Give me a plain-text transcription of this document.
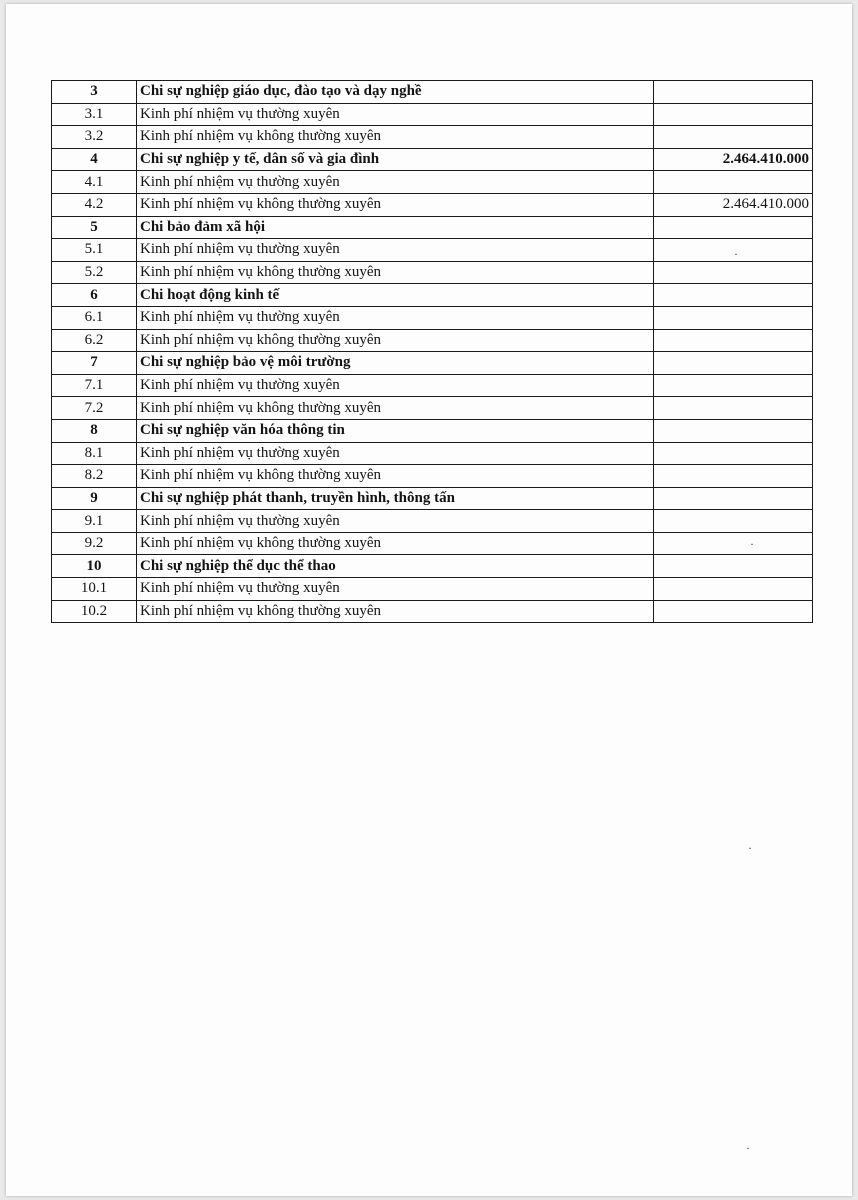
3	Chi sự nghiệp giáo dục, đào tạo và dạy nghề	
3.1	Kinh phí nhiệm vụ thường xuyên	
3.2	Kinh phí nhiệm vụ không thường xuyên	
4	Chi sự nghiệp y tế, dân số và gia đình	2.464.410.000
4.1	Kinh phí nhiệm vụ thường xuyên	
4.2	Kinh phí nhiệm vụ không thường xuyên	2.464.410.000
5	Chi bảo đảm xã hội	
5.1	Kinh phí nhiệm vụ thường xuyên	
5.2	Kinh phí nhiệm vụ không thường xuyên	
6	Chi hoạt động kinh tế	
6.1	Kinh phí nhiệm vụ thường xuyên	
6.2	Kinh phí nhiệm vụ không thường xuyên	
7	Chi sự nghiệp bảo vệ môi trường	
7.1	Kinh phí nhiệm vụ thường xuyên	
7.2	Kinh phí nhiệm vụ không thường xuyên	
8	Chi sự nghiệp văn hóa thông tin	
8.1	Kinh phí nhiệm vụ thường xuyên	
8.2	Kinh phí nhiệm vụ không thường xuyên	
9	Chi sự nghiệp phát thanh, truyền hình, thông tấn	
9.1	Kinh phí nhiệm vụ thường xuyên	
9.2	Kinh phí nhiệm vụ không thường xuyên	
10	Chi sự nghiệp thể dục thể thao	
10.1	Kinh phí nhiệm vụ thường xuyên	
10.2	Kinh phí nhiệm vụ không thường xuyên	
·
·
·
·
